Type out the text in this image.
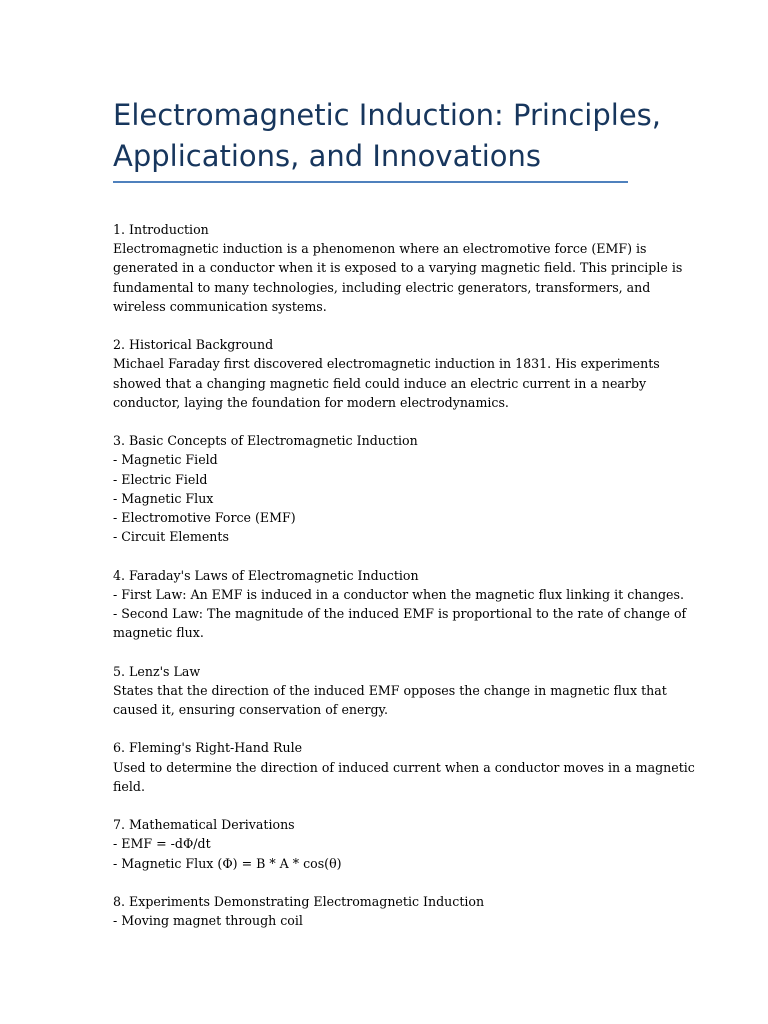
Electromagnetic Induction: Principles,
Applications, and Innovations
1. Introduction
Electromagnetic induction is a phenomenon where an electromotive force (EMF) is
generated in a conductor when it is exposed to a varying magnetic field. This principle is
fundamental to many technologies, including electric generators, transformers, and
wireless communication systems.
2. Historical Background
Michael Faraday first discovered electromagnetic induction in 1831. His experiments
showed that a changing magnetic field could induce an electric current in a nearby
conductor, laying the foundation for modern electrodynamics.
3. Basic Concepts of Electromagnetic Induction
- Magnetic Field
- Electric Field
- Magnetic Flux
- Electromotive Force (EMF)
- Circuit Elements
4. Faraday's Laws of Electromagnetic Induction
- First Law: An EMF is induced in a conductor when the magnetic flux linking it changes.
- Second Law: The magnitude of the induced EMF is proportional to the rate of change of
magnetic flux.
5. Lenz's Law
States that the direction of the induced EMF opposes the change in magnetic flux that
caused it, ensuring conservation of energy.
6. Fleming's Right-Hand Rule
Used to determine the direction of induced current when a conductor moves in a magnetic
field.
7. Mathematical Derivations
- EMF = -dΦ/dt
- Magnetic Flux (Φ) = B * A * cos(θ)
8. Experiments Demonstrating Electromagnetic Induction
- Moving magnet through coil
